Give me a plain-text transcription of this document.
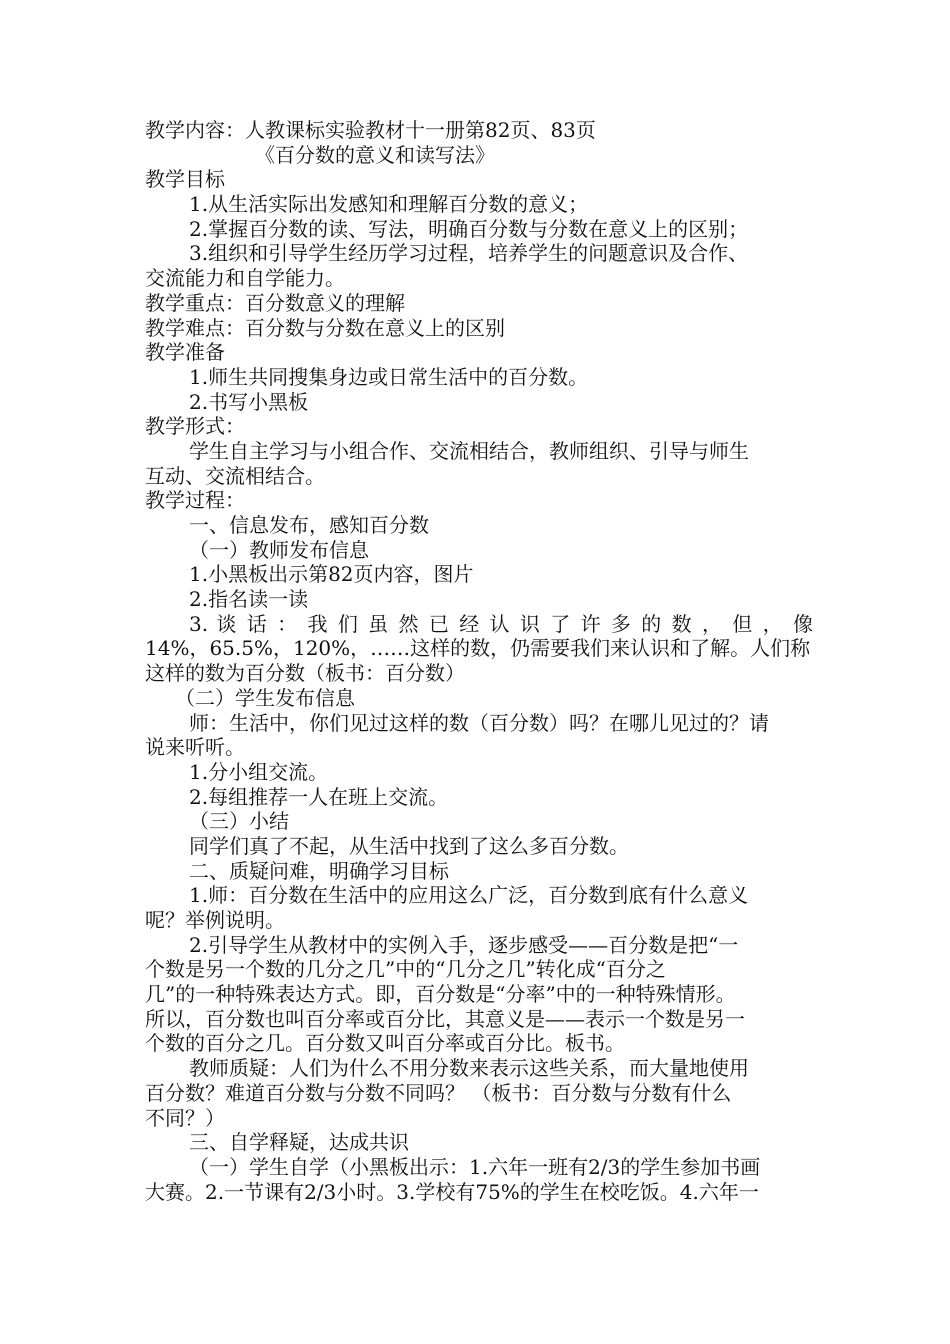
教学内容：人教课标实验教材十一册第82页、83页
《百分数的意义和读写法》
教学目标
1.从生活实际出发感知和理解百分数的意义；
2.掌握百分数的读、写法，明确百分数与分数在意义上的区别；
3.组织和引导学生经历学习过程，培养学生的问题意识及合作、
交流能力和自学能力。
教学重点：百分数意义的理解
教学难点：百分数与分数在意义上的区别
教学准备
1.师生共同搜集身边或日常生活中的百分数。
2.书写小黑板
教学形式：
学生自主学习与小组合作、交流相结合，教师组织、引导与师生
互动、交流相结合。
教学过程：
一、信息发布，感知百分数
（一）教师发布信息
1.小黑板出示第82页内容，图片
2.指名读一读
3. 谈 话 ： 我 们 虽 然 已 经 认 识 了 许 多 的 数 ， 但 ， 像
14%，65.5%，120%，……这样的数，仍需要我们来认识和了解。人们称
这样的数为百分数（板书：百分数）
（二）学生发布信息
师：生活中，你们见过这样的数（百分数）吗？在哪儿见过的？请
说来听听。
1.分小组交流。
2.每组推荐一人在班上交流。
（三）小结
同学们真了不起，从生活中找到了这么多百分数。
二、质疑问难，明确学习目标
1.师：百分数在生活中的应用这么广泛，百分数到底有什么意义
呢？举例说明。
2.引导学生从教材中的实例入手，逐步感受——百分数是把“一
个数是另一个数的几分之几”中的“几分之几”转化成“百分之
几”的一种特殊表达方式。即，百分数是“分率”中的一种特殊情形。
所以，百分数也叫百分率或百分比，其意义是——表示一个数是另一
个数的百分之几。百分数又叫百分率或百分比。板书。
教师质疑：人们为什么不用分数来表示这些关系，而大量地使用
百分数？难道百分数与分数不同吗？ （板书：百分数与分数有什么
不同？）
三、自学释疑，达成共识
（一）学生自学（小黑板出示：1.六年一班有2/3的学生参加书画
大赛。2.一节课有2/3小时。3.学校有75%的学生在校吃饭。4.六年一
